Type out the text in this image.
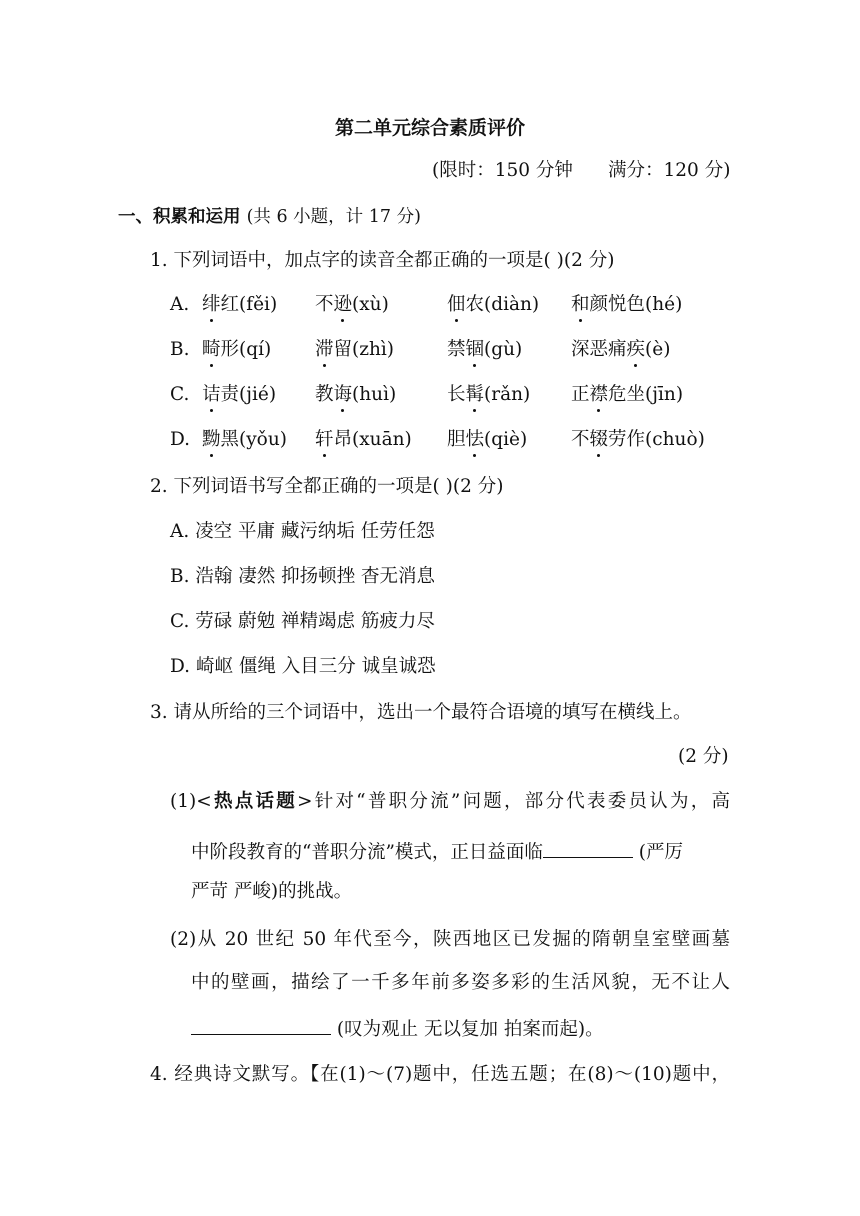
第二单元综合素质评价
(限时：150 分钟 满分：120 分)
一、积累和运用 (共 6 小题，计 17 分)
1. 下列词语中，加点字的读音全都正确的一项是( )(2 分)
A. 绯红(fěi) 不逊(xù)	佃农(diàn) 和颜悦色(hé)
B. 畸形(qí) 滞留(zhì)	禁锢(gù)	深恶痛疾(è)
C. 诘责(jié) 教诲(huì)	长髯(rǎn) 正襟危坐(jīn)
D. 黝黑(yǒu) 轩昂(xuān) 胆怯(qiè) 不辍劳作(chuò)
2. 下列词语书写全都正确的一项是( )(2 分)
A. 凌空 平庸 藏污纳垢 任劳任怨
B. 浩翰 凄然 抑扬顿挫 杳无消息
C. 劳碌 蔚勉 禅精竭虑 筋疲力尽
D. 崎岖 僵绳 入目三分 诚皇诚恐
3. 请从所给的三个词语中，选出一个最符合语境的填写在横线上。
(2 分)
(1)<热点话题>针对“普职分流”问题，部分代表委员认为，高
中阶段教育的“普职分流”模式，正日益面临	(严厉
严苛 严峻)的挑战。
(2)从 20 世纪 50 年代至今，陕西地区已发掘的隋朝皇室壁画墓
中的壁画，描绘了一千多年前多姿多彩的生活风貌，无不让人
(叹为观止 无以复加 拍案而起)。
4. 经典诗文默写。【在(1)～(7)题中，任选五题；在(8)～(10)题中，
